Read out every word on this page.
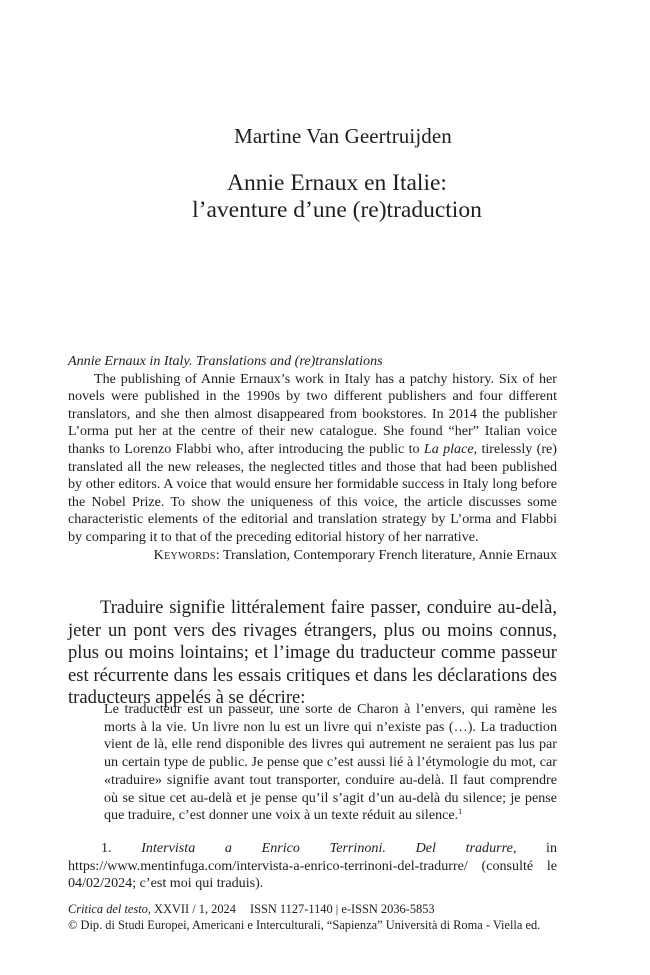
Martine Van Geertruijden
Annie Ernaux en Italie:
l’aventure d’une (re)traduction
Annie Ernaux in Italy. Translations and (re)translations

The publishing of Annie Ernaux’s work in Italy has a patchy history. Six of her novels were published in the 1990s by two different publishers and four different translators, and she then almost disappeared from bookstores. In 2014 the publisher L’orma put her at the centre of their new catalogue. She found “her” Italian voice thanks to Lorenzo Flabbi who, after introducing the public to La place, tirelessly (re) translated all the new releases, the neglected titles and those that had been published by other editors. A voice that would ensure her formidable success in Italy long before the Nobel Prize. To show the uniqueness of this voice, the article discusses some characteristic elements of the editorial and translation strategy by L’orma and Flabbi by comparing it to that of the preceding editorial history of her narrative.

Keywords: Translation, Contemporary French literature, Annie Ernaux

Traduire signifie littéralement faire passer, conduire au-delà, jeter un pont vers des rivages étrangers, plus ou moins connus, plus ou moins lointains; et l’image du traducteur comme passeur est récurrente dans les essais critiques et dans les déclarations des traducteurs appelés à se décrire:

Le traducteur est un passeur, une sorte de Charon à l’envers, qui ramène les morts à la vie. Un livre non lu est un livre qui n’existe pas (…). La traduction vient de là, elle rend disponible des livres qui autrement ne seraient pas lus par un certain type de public. Je pense que c’est aussi lié à l’étymologie du mot, car «traduire» signifie avant tout transporter, conduire au-delà. Il faut comprendre où se situe cet au-delà et je pense qu’il s’agit d’un au-delà du silence; je pense que traduire, c’est donner une voix à un texte réduit au silence.$^1$

1. Intervista a Enrico Terrinoni. Del tradurre, in https://www.mentinfuga.com/intervista-a-enrico-terrinoni-del-tradurre/ (consulté le 04/02/2024; c’est moi qui traduis).

Critica del testo, XXVII / 1, 2024 ISSN 1127-1140 | e-ISSN 2036-5853
© Dip. di Studi Europei, Americani e Interculturali, “Sapienza” Università di Roma - Viella ed.
